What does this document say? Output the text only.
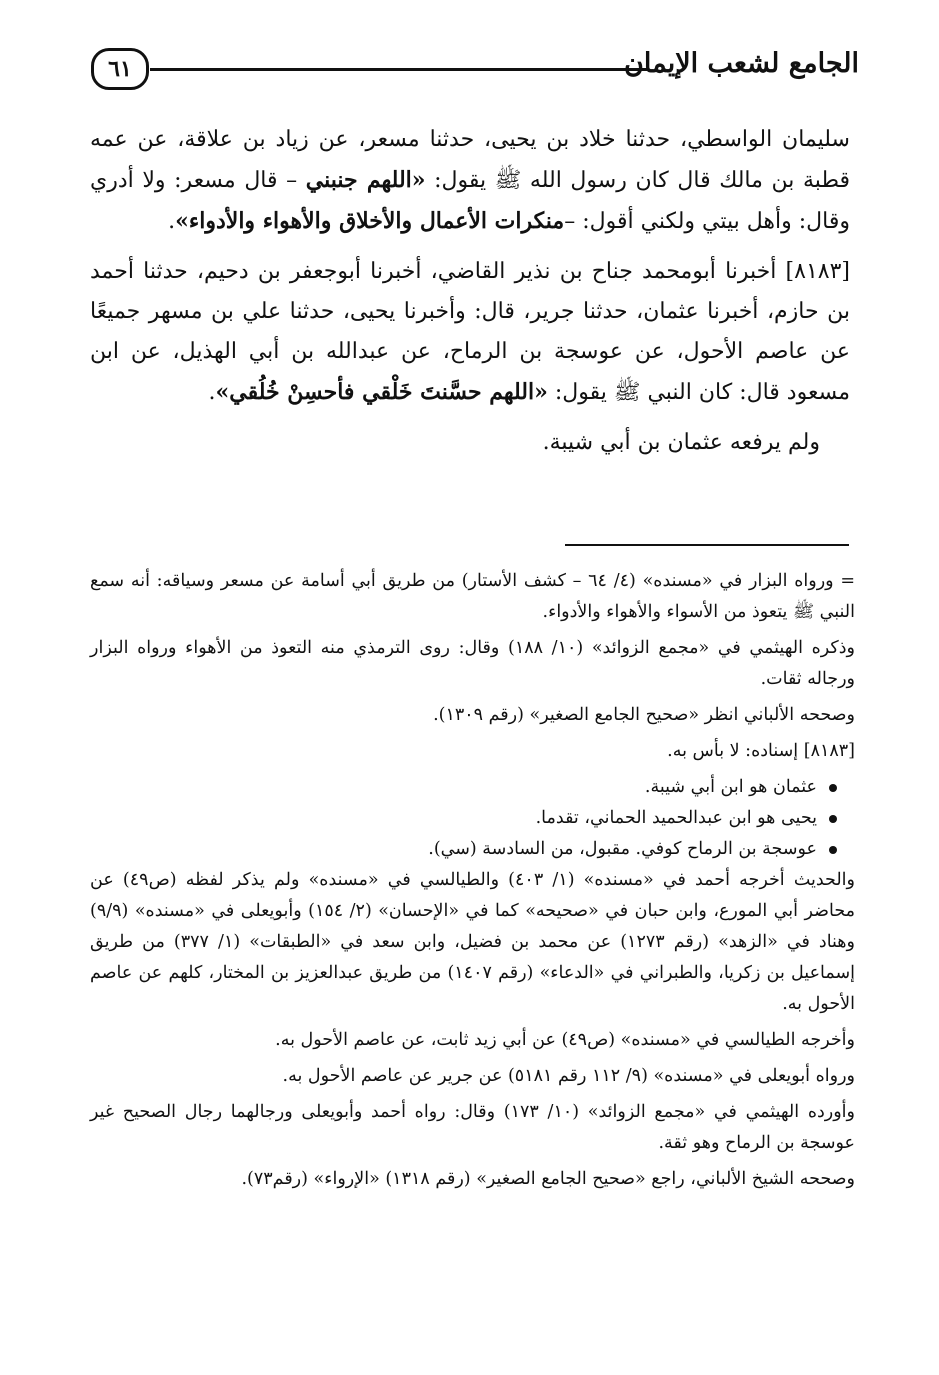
٦١	الجامع لشعب الإيمان

سليمان الواسطي، حدثنا خلاد بن يحيى، حدثنا مسعر، عن زياد بن علاقة، عن عمه قطبة بن مالك قال كان رسول الله ﷺ يقول: «اللهم جنبني – قال مسعر: ولا أدري وقال: وأهل بيتي ولكني أقول: –منكرات الأعمال والأخلاق والأهواء والأدواء».

[٨١٨٣] أخبرنا أبومحمد جناح بن نذير القاضي، أخبرنا أبوجعفر بن دحيم، حدثنا أحمد بن حازم، أخبرنا عثمان، حدثنا جرير، قال: وأخبرنا يحيى، حدثنا علي بن مسهر جميعًا عن عاصم الأحول، عن عوسجة بن الرماح، عن عبدالله بن أبي الهذيل، عن ابن مسعود قال: كان النبي ﷺ يقول: «اللهم حسَّنتَ خَلْقي فأحسِنْ خُلُقي».

ولم يرفعه عثمان بن أبي شيبة.

= ورواه البزار في «مسنده» (٤/ ٦٤ – كشف الأستار) من طريق أبي أسامة عن مسعر وسياقه: أنه سمع النبي ﷺ يتعوذ من الأسواء والأهواء والأدواء.

وذكره الهيثمي في «مجمع الزوائد» (١٠/ ١٨٨) وقال: روى الترمذي منه التعوذ من الأهواء ورواه البزار ورجاله ثقات.

وصححه الألباني انظر «صحيح الجامع الصغير» (رقم ١٣٠٩).

[٨١٨٣] إسناده: لا بأس به.

عثمان هو ابن أبي شيبة.
يحيى هو ابن عبدالحميد الحماني، تقدما.
عوسجة بن الرماح كوفي. مقبول، من السادسة (سي).

والحديث أخرجه أحمد في «مسنده» (١/ ٤٠٣) والطيالسي في «مسنده» ولم يذكر لفظه (ص٤٩) عن محاضر أبي المورع، وابن حبان في «صحيحه» كما في «الإحسان» (٢/ ١٥٤) وأبويعلى في «مسنده» (٩/٩) وهناد في «الزهد» (رقم ١٢٧٣) عن محمد بن فضيل، وابن سعد في «الطبقات» (١/ ٣٧٧) من طريق إسماعيل بن زكريا، والطبراني في «الدعاء» (رقم ١٤٠٧) من طريق عبدالعزيز بن المختار، كلهم عن عاصم الأحول به.

وأخرجه الطيالسي في «مسنده» (ص٤٩) عن أبي زيد ثابت، عن عاصم الأحول به.

ورواه أبويعلى في «مسنده» (٩/ ١١٢ رقم ٥١٨١) عن جرير عن عاصم الأحول به.

وأورده الهيثمي في «مجمع الزوائد» (١٠/ ١٧٣) وقال: رواه أحمد وأبويعلى ورجالهما رجال الصحيح غير عوسجة بن الرماح وهو ثقة.

وصححه الشيخ الألباني، راجع «صحيح الجامع الصغير» (رقم ١٣١٨) «الإرواء» (رقم٧٣).
